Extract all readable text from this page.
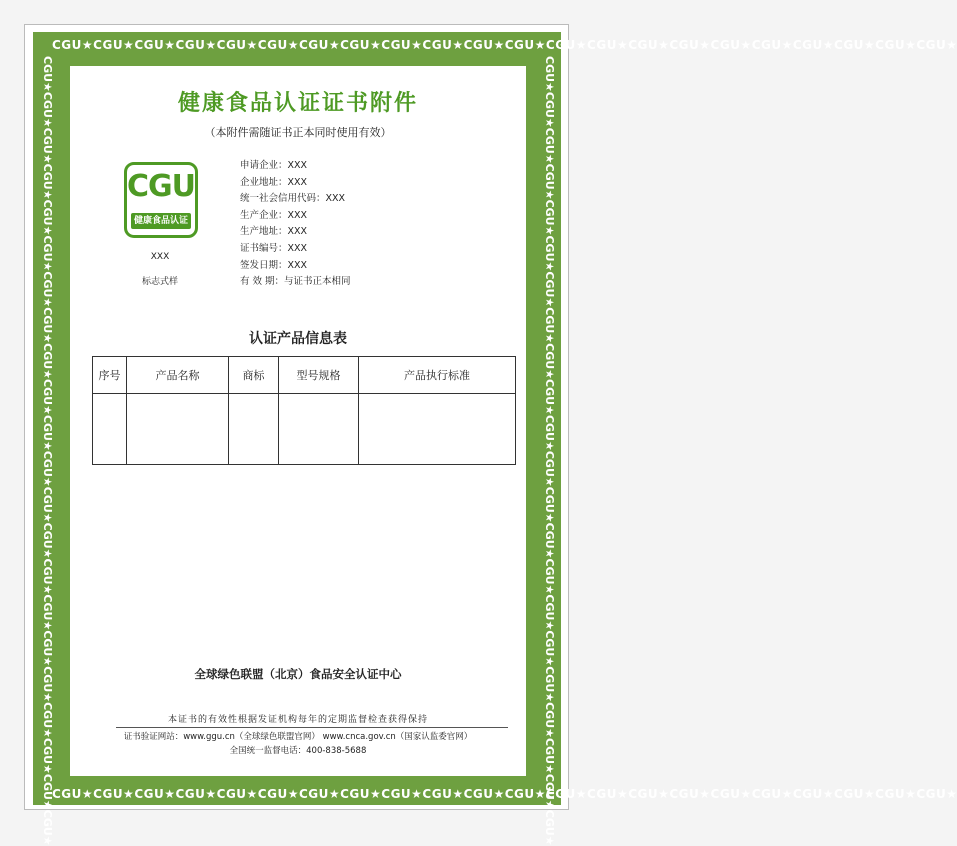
CGU★CGU★CGU★CGU★CGU★CGU★CGU★CGU★CGU★CGU★CGU★CGU★CGU★CGU★CGU★CGU★CGU★CGU★CGU★CGU★CGU★CGU★
CGU★CGU★CGU★CGU★CGU★CGU★CGU★CGU★CGU★CGU★CGU★CGU★CGU★CGU★CGU★CGU★CGU★CGU★CGU★CGU★CGU★CGU★
CGU★CGU★CGU★CGU★CGU★CGU★CGU★CGU★CGU★CGU★CGU★CGU★CGU★CGU★CGU★CGU★CGU★CGU★CGU★CGU★CGU★CGU★	CGU★CGU★CGU★CGU★CGU★CGU★CGU★CGU★CGU★CGU★CGU★CGU★CGU★CGU★CGU★CGU★CGU★CGU★CGU★CGU★CGU★CGU★
健康食品认证证书附件
（本附件需随证书正本同时使用有效）
CGU
健康食品认证
XXX
标志式样
申请企业：XXX
企业地址：XXX
统一社会信用代码：XXX
生产企业：XXX
生产地址：XXX
证书编号：XXX
签发日期：XXX
有 效 期：与证书正本相同
认证产品信息表
序号	产品名称	商标	型号规格	产品执行标准

全球绿色联盟（北京）食品安全认证中心
本证书的有效性根据发证机构每年的定期监督检查获得保持
证书验证网站：www.ggu.cn（全球绿色联盟官网） www.cnca.gov.cn（国家认监委官网）
全国统一监督电话：400-838-5688
